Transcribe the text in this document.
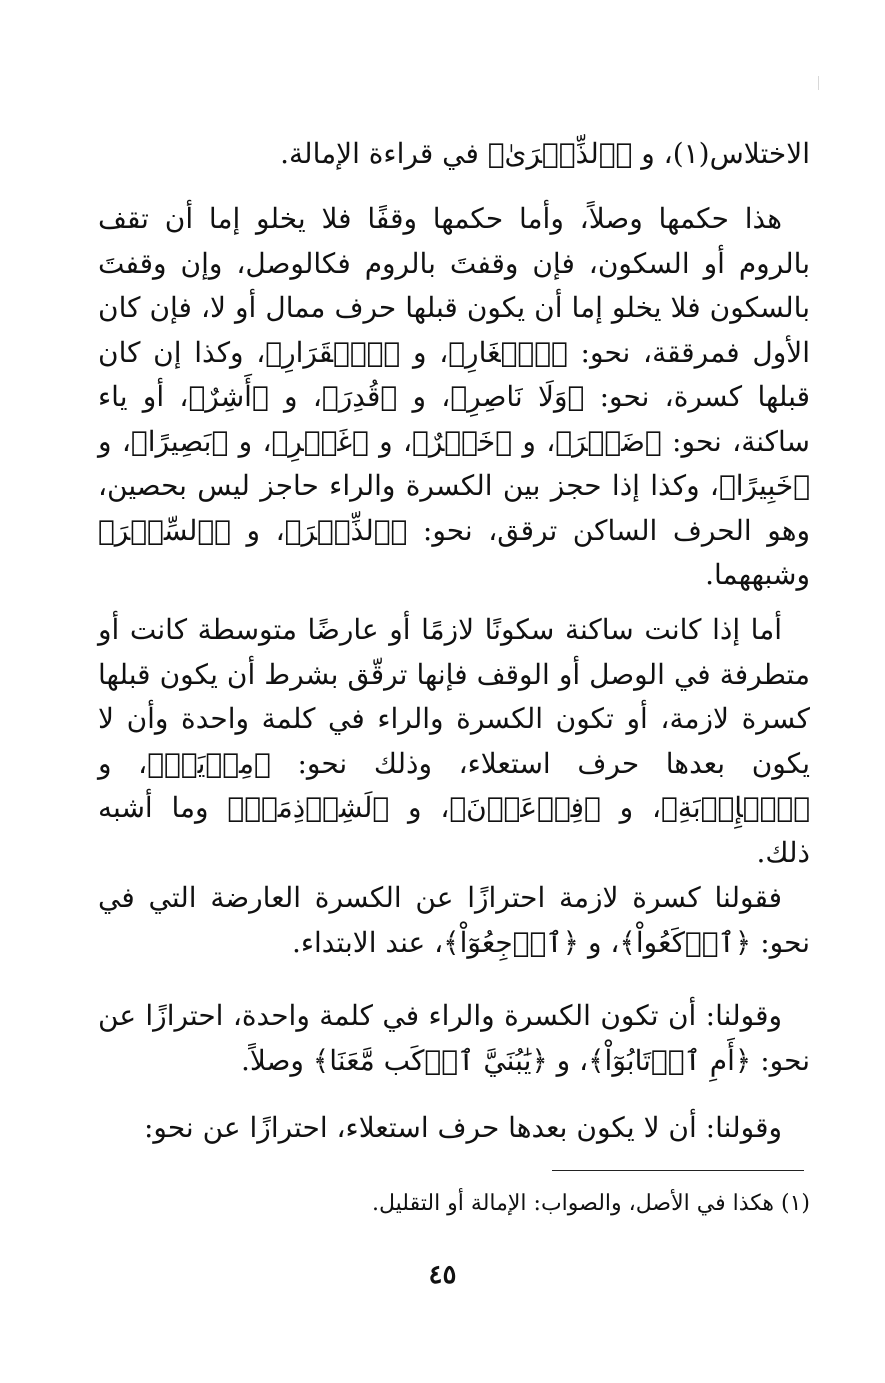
الاختلاس(١)، و ﴿ٱلذِّكۡرَىٰ﴾ في قراءة الإمالة.

هذا حكمها وصلاً، وأما حكمها وقفًا فلا يخلو إما أن تقف بالروم أو السكون، فإن وقفتَ بالروم فكالوصل، وإن وقفتَ بالسكون فلا يخلو إما أن يكون قبلها حرف ممال أو لا، فإن كان الأول فمرققة، نحو: ﴿ٱلۡغَارِ﴾، و ﴿ٱلۡقَرَارِ﴾، وكذا إن كان قبلها كسرة، نحو: ﴿وَلَا نَاصِرِ﴾، و ﴿قُدِرَ﴾، و ﴿أَشِرٌ﴾، أو ياء ساكنة، نحو: ﴿ضَيۡرَ﴾، و ﴿خَيۡرٌ﴾، و ﴿غَيۡرِ﴾، و ﴿بَصِيرًا﴾، و ﴿خَبِيرًا﴾، وكذا إذا حجز بين الكسرة والراء حاجز ليس بحصين، وهو الحرف الساكن ترقق، نحو: ﴿ٱلذِّكۡرَ﴾، و ﴿ٱلسِّحۡرَ﴾ وشبههما.

أما إذا كانت ساكنة سكونًا لازمًا أو عارضًا متوسطة كانت أو متطرفة في الوصل أو الوقف فإنها ترقّق بشرط أن يكون قبلها كسرة لازمة، أو تكون الكسرة والراء في كلمة واحدة وأن لا يكون بعدها حرف استعلاء، وذلك نحو: ﴿مِرۡيَةٖ﴾، و ﴿ٱلۡإِرۡبَةِ﴾، و ﴿فِرۡعَوۡنَ﴾، و ﴿لَشِرۡذِمَةٞ﴾ وما أشبه ذلك.

فقولنا كسرة لازمة احترازًا عن الكسرة العارضة التي في نحو: ﴿ٱرۡكَعُواْ﴾، و ﴿ٱرۡجِعُوٓاْ﴾، عند الابتداء.

وقولنا: أن تكون الكسرة والراء في كلمة واحدة، احترازًا عن نحو: ﴿أَمِ ٱرۡتَابُوٓاْ﴾، و ﴿يَٰبُنَيَّ ٱرۡكَب مَّعَنَا﴾ وصلاً.

وقولنا: أن لا يكون بعدها حرف استعلاء، احترازًا عن نحو:

(١) هكذا في الأصل، والصواب: الإمالة أو التقليل.

٤٥
